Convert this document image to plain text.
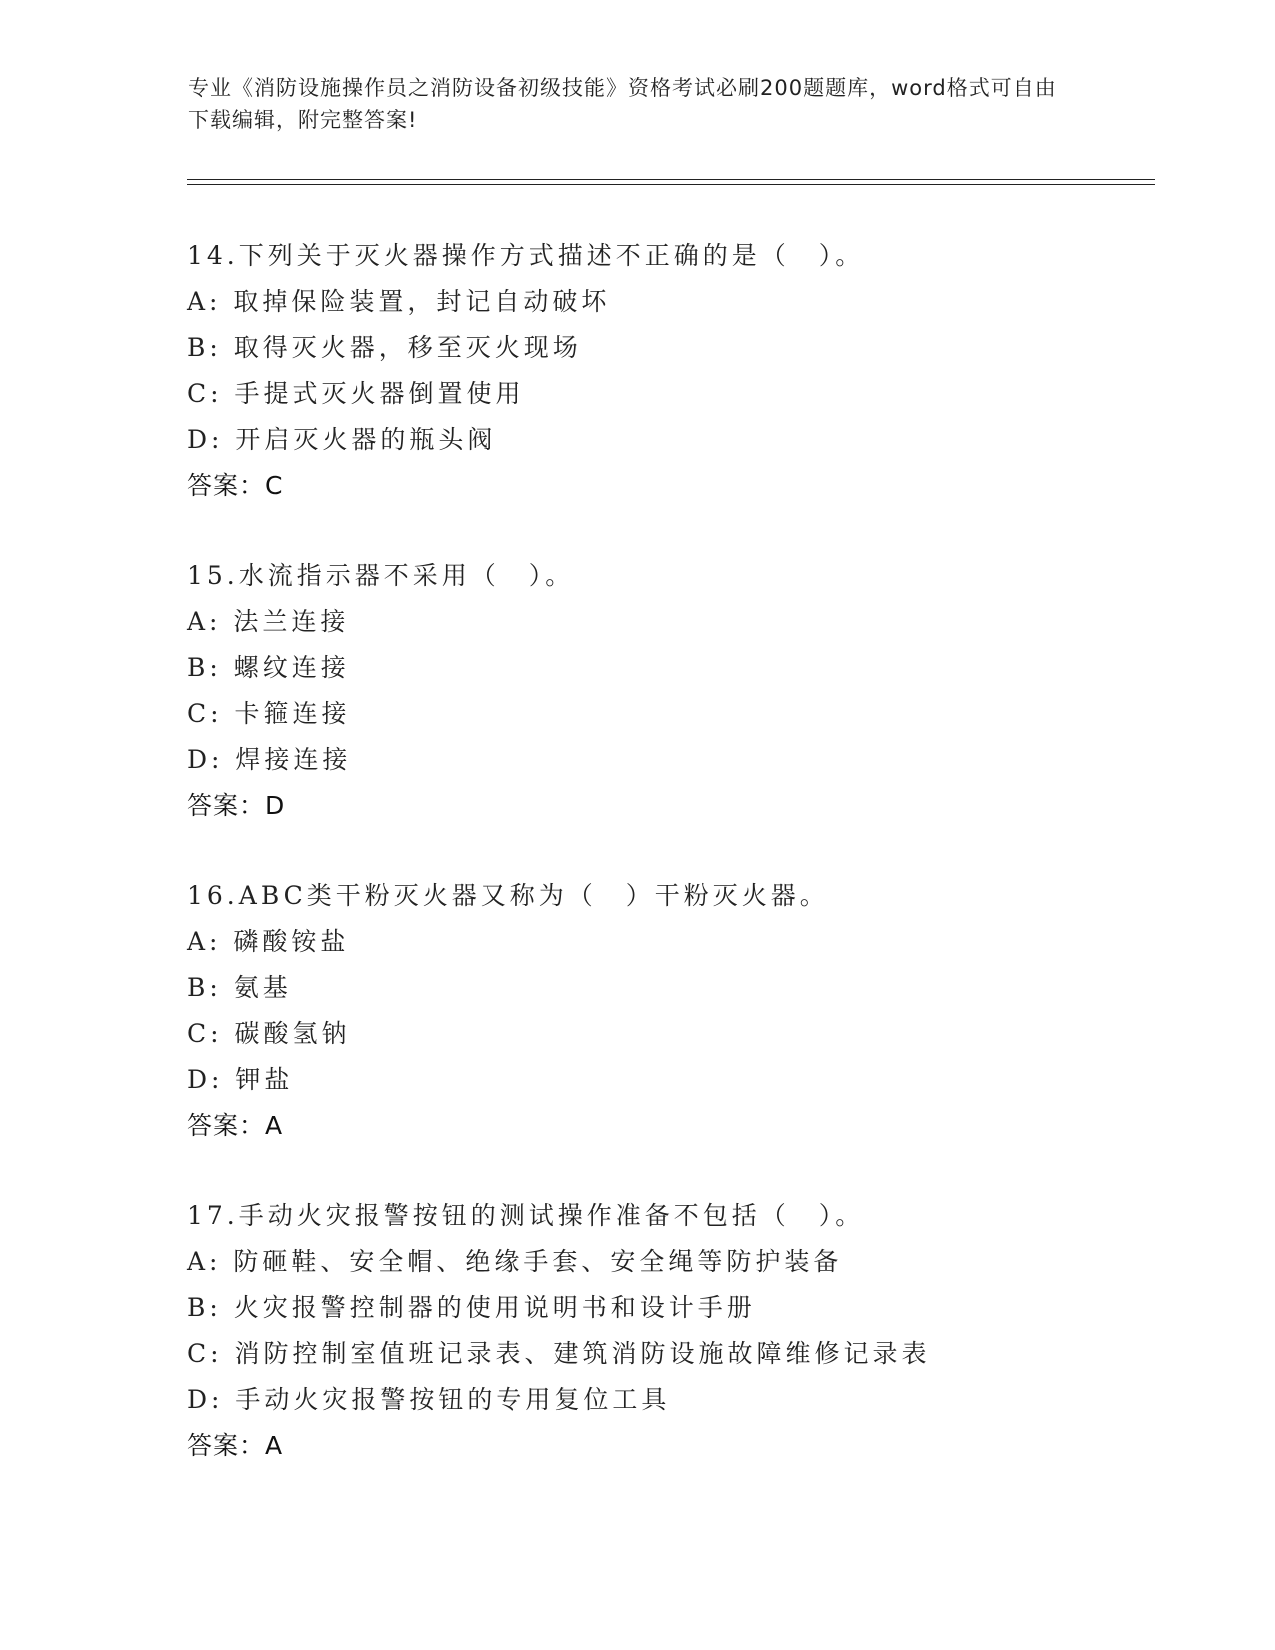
专业《消防设施操作员之消防设备初级技能》资格考试必刷200题题库，word格式可自由下载编辑，附完整答案!
14.下列关于灭火器操作方式描述不正确的是（　）。
A: 取掉保险装置，封记自动破坏
B: 取得灭火器，移至灭火现场
C: 手提式灭火器倒置使用
D: 开启灭火器的瓶头阀
答案：C
15.水流指示器不采用（　）。
A: 法兰连接
B: 螺纹连接
C: 卡箍连接
D: 焊接连接
答案：D
16.ABC类干粉灭火器又称为（　）干粉灭火器。
A: 磷酸铵盐
B: 氨基
C: 碳酸氢钠
D: 钾盐
答案：A
17.手动火灾报警按钮的测试操作准备不包括（　）。
A: 防砸鞋、安全帽、绝缘手套、安全绳等防护装备
B: 火灾报警控制器的使用说明书和设计手册
C: 消防控制室值班记录表、建筑消防设施故障维修记录表
D: 手动火灾报警按钮的专用复位工具
答案：A
